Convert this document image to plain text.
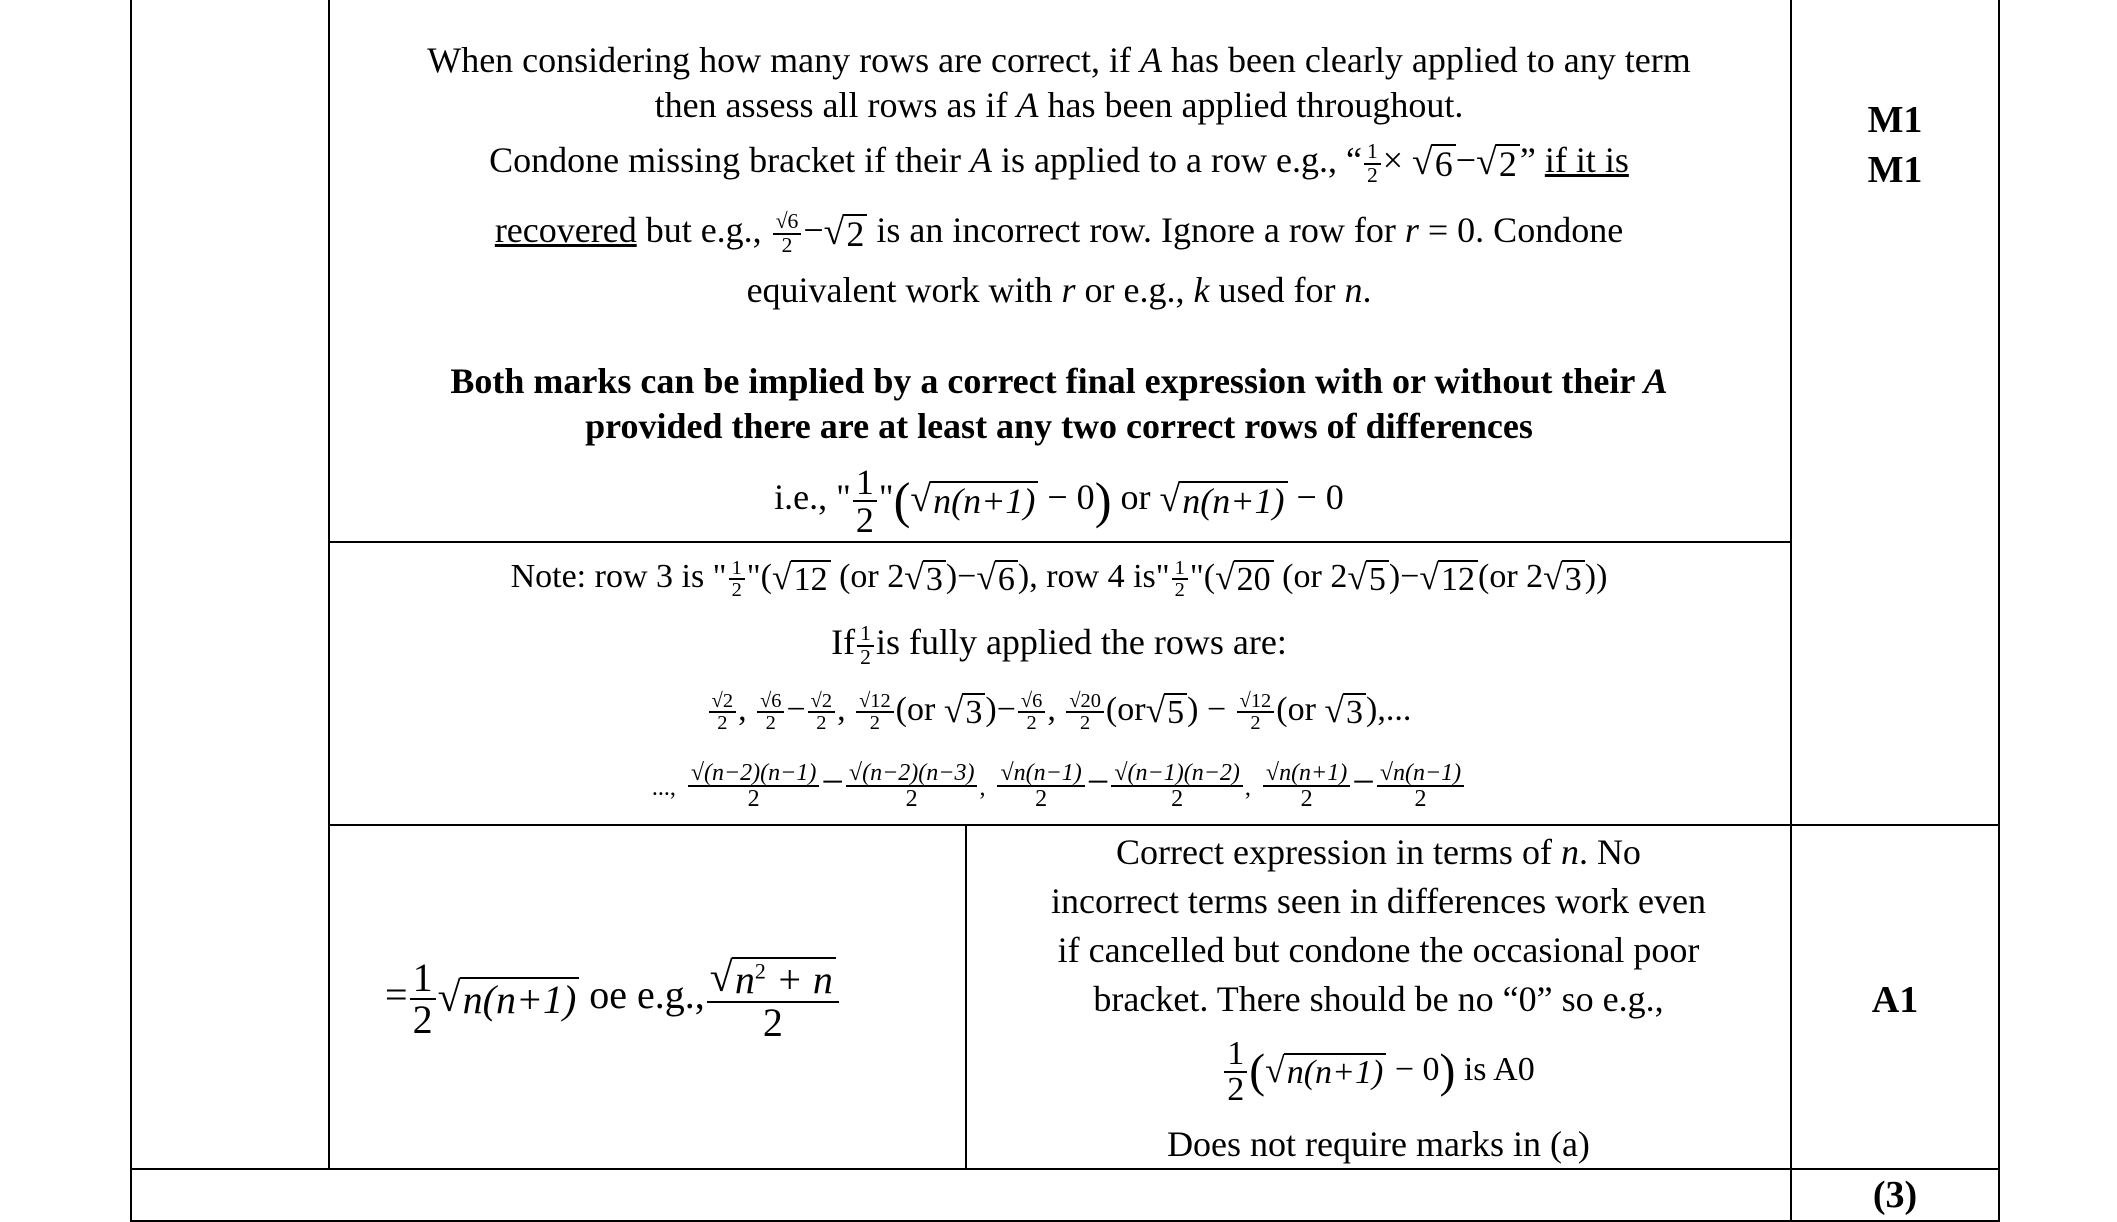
When considering how many rows are correct, if A has been clearly applied to any term
then assess all rows as if A has been applied throughout.
Condone missing bracket if their A is applied to a row e.g., “ $\frac{1}{2}$ × √ 6 − √ 2 ” if it is
recovered but e.g., $\frac{√6}{2}$ − √ 2 is an incorrect row. Ignore a row for r = 0. Condone
equivalent work with r or e.g., k used for n.
Both marks can be implied by a correct final expression with or without their A
provided there are at least any two correct rows of differences
i.e., " $\frac{1}{2}$ "( √ n(n+1) − 0) or √ n(n+1) − 0
M1
M1
Note: row 3 is " $\frac{1}{2}$ "( √ 12 (or 2 √ 3 )− √ 6 ), row 4 is" $\frac{1}{2}$ "( √ 20 (or 2 √ 5 )− √ 12 (or 2 √ 3 ))
If $\frac{1}{2}$ is fully applied the rows are:
$\frac{√2}{2}$ , $\frac{√6}{2} - \frac{√2}{2}$ , $\frac{√12}{2} (or$ √ 3 )− $\frac{√6}{2}$ , $\frac{√20}{2} (or$ √ 5 ) − $\frac{√12}{2} (or$ √ 3 ),...
..., $\frac{√(n-2)(n-1)}{2} - \frac{√(n-2)(n-3)}{2}$ , $\frac{√n(n-1)}{2} - \frac{√(n-1)(n-2)}{2}$ , $\frac{√n(n+1)}{2} - \frac{√n(n-1)}{2}$
= $\frac{1}{2}$ √ n(n+1) oe e.g., $\frac{√ n^2 + n}{2}$
Correct expression in terms of n. No
incorrect terms seen in differences work even
if cancelled but condone the occasional poor
bracket. There should be no “0” so e.g.,
$\frac{1}{2}$ ( √ n(n+1) − 0) is A0
Does not require marks in (a)
A1
(3)
